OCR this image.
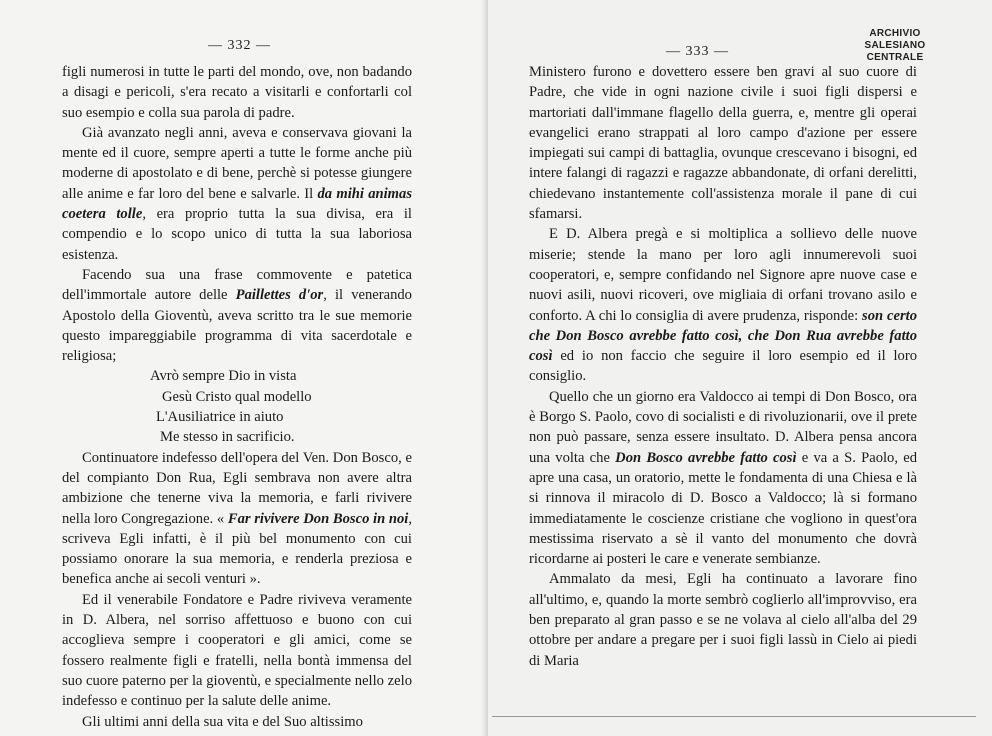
— 332 —

figli numerosi in tutte le parti del mondo, ove, non badando a disagi e pericoli, s'era recato a visitarli e confortarli col suo esempio e colla sua parola di padre.

Già avanzato negli anni, aveva e conservava giovani la mente ed il cuore, sempre aperti a tutte le forme anche più moderne di apostolato e di bene, perchè si potesse giungere alle anime e far loro del bene e salvarle. Il da mihi animas coetera tolle, era proprio tutta la sua divisa, era il compendio e lo scopo unico di tutta la sua laboriosa esistenza.

Facendo sua una frase commovente e patetica dell'immortale autore delle Paillettes d'or, il venerando Apostolo della Gioventù, aveva scritto tra le sue memorie questo impareggiabile programma di vita sacerdotale e religiosa;

Avrò sempre Dio in vista
Gesù Cristo qual modello
L'Ausiliatrice in aiuto
Me stesso in sacrificio.

Continuatore indefesso dell'opera del Ven. Don Bosco, e del compianto Don Rua, Egli sembrava non avere altra ambizione che tenerne viva la memoria, e farli rivivere nella loro Congregazione. « Far rivivere Don Bosco in noi, scriveva Egli infatti, è il più bel monumento con cui possiamo onorare la sua memoria, e renderla preziosa e benefica anche ai secoli venturi ».

Ed il venerabile Fondatore e Padre riviveva veramente in D. Albera, nel sorriso affettuoso e buono con cui accoglieva sempre i cooperatori e gli amici, come se fossero realmente figli e fratelli, nella bontà immensa del suo cuore paterno per la gioventù, e specialmente nello zelo indefesso e continuo per la salute delle anime.

Gli ultimi anni della sua vita e del Suo altissimo

— 333 —

Ministero furono e dovettero essere ben gravi al suo cuore di Padre, che vide in ogni nazione civile i suoi figli dispersi e martoriati dall'immane flagello della guerra, e, mentre gli operai evangelici erano strappati al loro campo d'azione per essere impiegati sui campi di battaglia, ovunque crescevano i bisogni, ed intere falangi di ragazzi e ragazze abbandonate, di orfani derelitti, chiedevano instantemente coll'assistenza morale il pane di cui sfamarsi.

E D. Albera pregà e si moltiplica a sollievo delle nuove miserie; stende la mano per loro agli innumerevoli suoi cooperatori, e, sempre confidando nel Signore apre nuove case e nuovi asili, nuovi ricoveri, ove migliaia di orfani trovano asilo e conforto. A chi lo consiglia di avere prudenza, risponde: son certo che Don Bosco avrebbe fatto così, che Don Rua avrebbe fatto così ed io non faccio che seguire il loro esempio ed il loro consiglio.

Quello che un giorno era Valdocco ai tempi di Don Bosco, ora è Borgo S. Paolo, covo di socialisti e di rivoluzionarii, ove il prete non può passare, senza essere insultato. D. Albera pensa ancora una volta che Don Bosco avrebbe fatto così e va a S. Paolo, ed apre una casa, un oratorio, mette le fondamenta di una Chiesa e là si rinnova il miracolo di D. Bosco a Valdocco; là si formano immediatamente le coscienze cristiane che vogliono in quest'ora mestissima riservato a sè il vanto del monumento che dovrà ricordarne ai posteri le care e venerate sembianze.

Ammalato da mesi, Egli ha continuato a lavorare fino all'ultimo, e, quando la morte sembrò coglierlo all'improvviso, era ben preparato al gran passo e se ne volava al cielo all'alba del 29 ottobre per andare a pregare per i suoi figli lassù in Cielo ai piedi di Maria

ARCHIVIO SALESIANO
CENTRALE
